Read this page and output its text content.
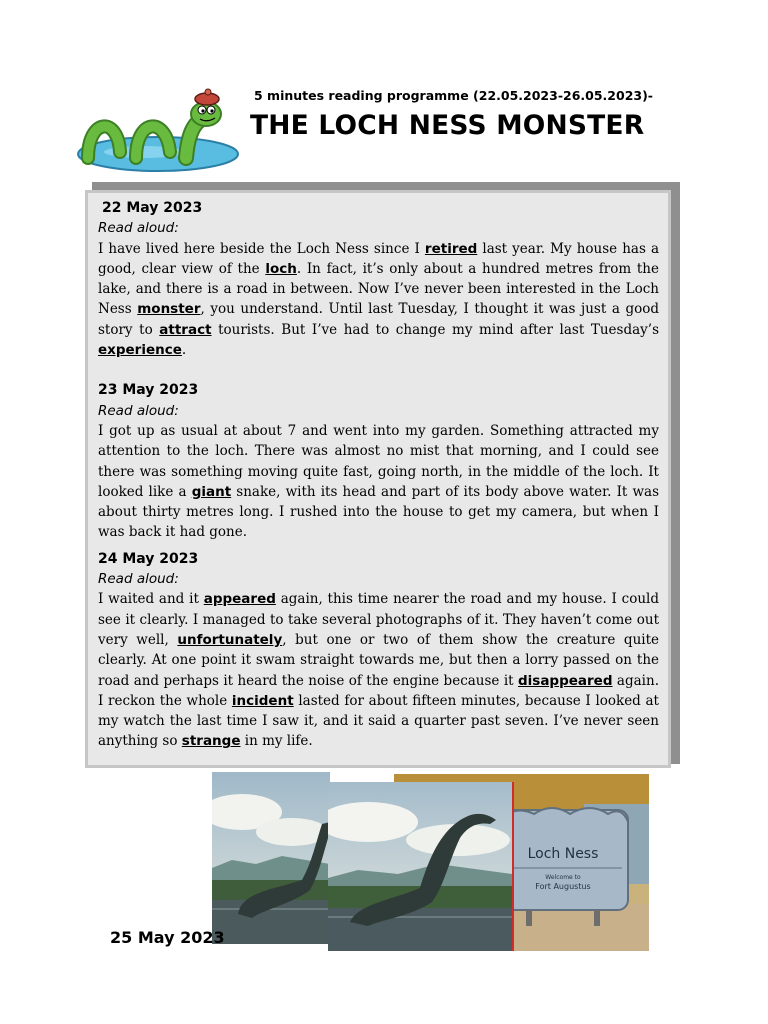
5 minutes reading programme (22.05.2023-26.05.2023)-
THE LOCH NESS MONSTER

22 May 2023

Read aloud:

I have lived here beside the Loch Ness since I retired last year. My house has a good, clear view of the loch. In fact, it’s only about a hundred metres from the lake, and there is a road in between. Now I’ve never been interested in the Loch Ness monster, you understand. Until last Tuesday, I thought it was just a good story to attract tourists. But I’ve had to change my mind after last Tuesday’s experience.

23 May 2023

Read aloud:

I got up as usual at about 7 and went into my garden. Something attracted my attention to the loch. There was almost no mist that morning, and I could see there was something moving quite fast, going north, in the middle of the loch. It looked like a giant snake, with its head and part of its body above water. It was about thirty metres long. I rushed into the house to get my camera, but when I was back it had gone.

24 May 2023

Read aloud:

I waited and it appeared again, this time nearer the road and my house. I could see it clearly. I managed to take several photographs of it. They haven’t come out very well, unfortunately, but one or two of them show the creature quite clearly. At one point it swam straight towards me, but then a lorry passed on the road and perhaps it heard the noise of the engine because it disappeared again. I reckon the whole incident lasted for about fifteen minutes, because I looked at my watch the last time I saw it, and it said a quarter past seven. I’ve never seen anything so strange in my life.

Loch Ness
Welcome to
Fort Augustus
25 May 2023
